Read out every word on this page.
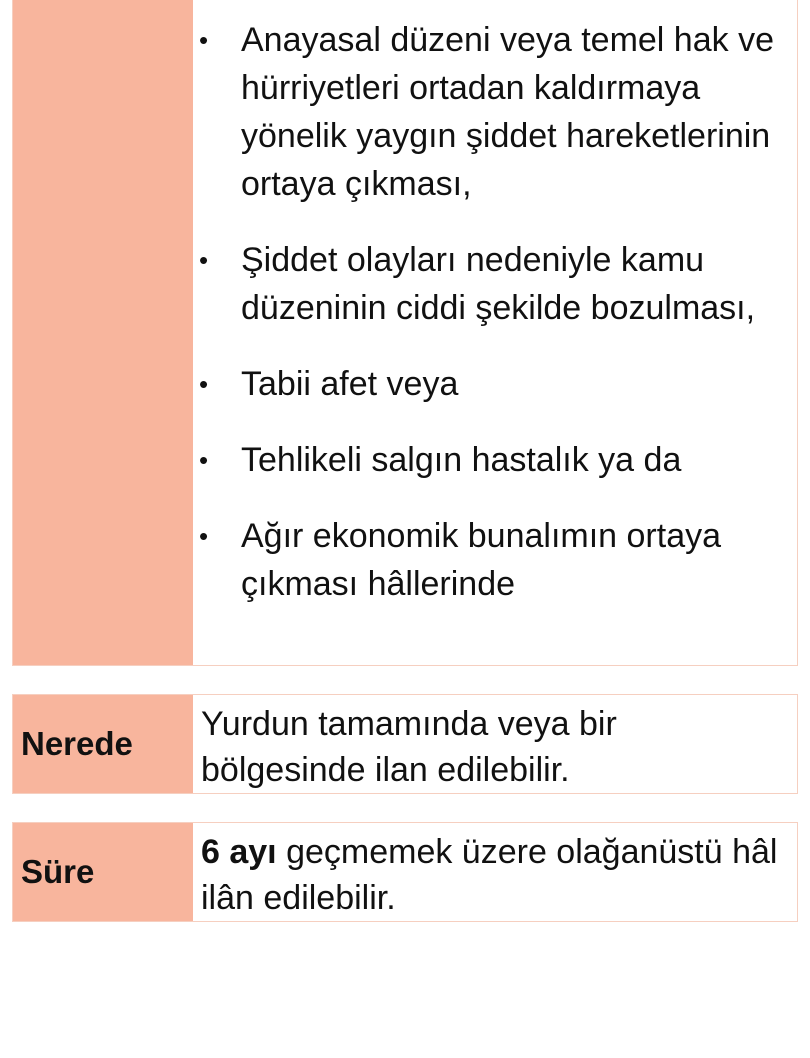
• Anayasal düzeni veya temel hak ve hürriyetleri ortadan kaldırmaya yönelik yaygın şiddet hareketlerinin ortaya çıkması,
• Şiddet olayları nedeniyle kamu düzeninin ciddi şekilde bozulması,
• Tabii afet veya
• Tehlikeli salgın hastalık ya da
• Ağır ekonomik bunalımın ortaya çıkması hâllerinde
Nerede
Yurdun tamamında veya bir bölgesinde ilan edilebilir.
Süre
6 ayı geçmemek üzere olağanüstü hâl ilân edilebilir.
